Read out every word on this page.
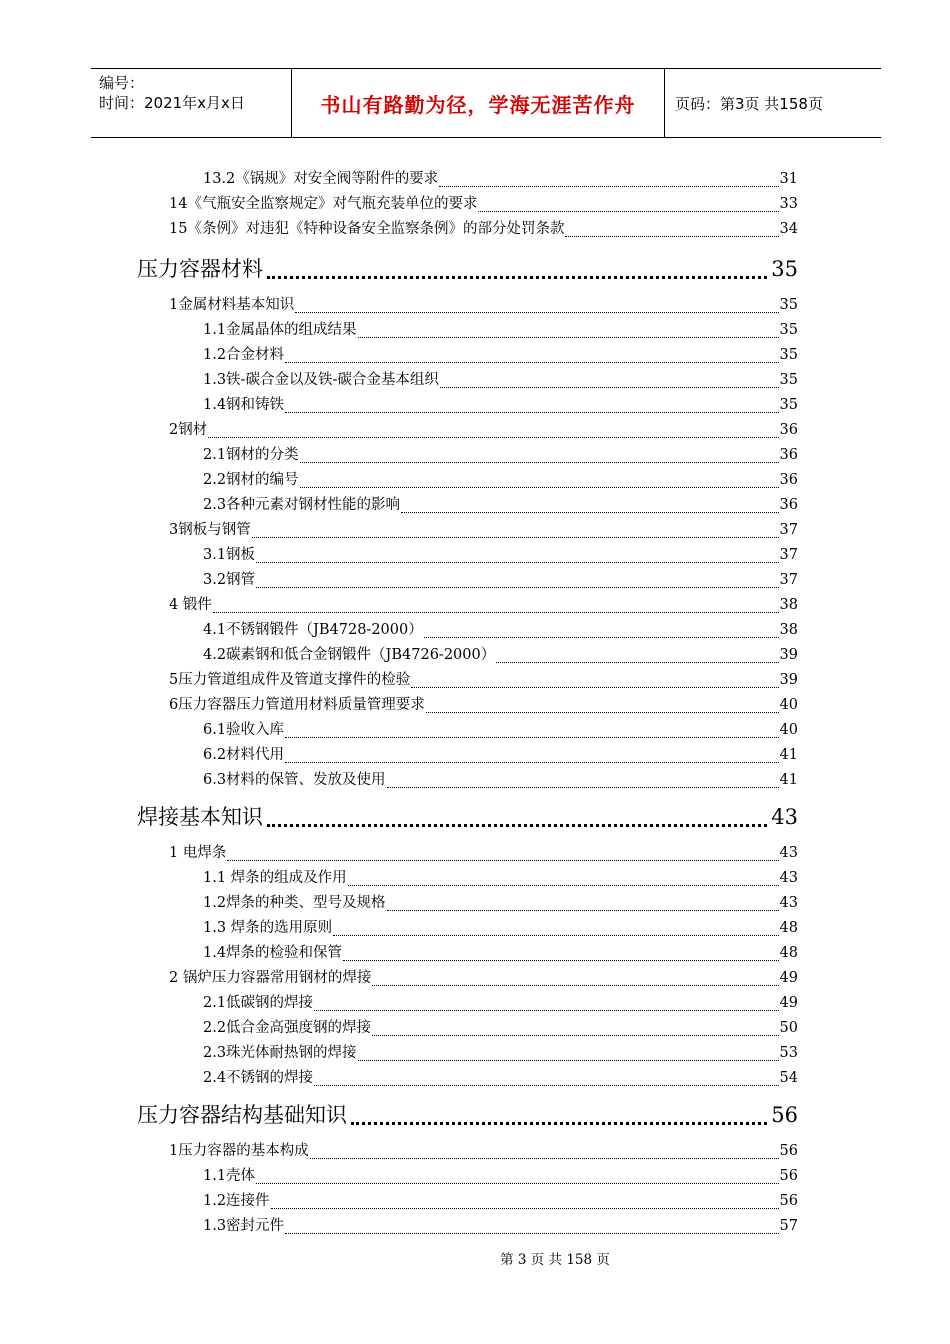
编号：
时间：2021年x月x日	书山有路勤为径，学海无涯苦作舟	页码：第3页 共158页
13.2《锅规》对安全阀等附件的要求	31
14《气瓶安全监察规定》对气瓶充装单位的要求	33
15《条例》对违犯《特种设备安全监察条例》的部分处罚条款	34
压力容器材料	35
1金属材料基本知识	35
1.1金属晶体的组成结果	35
1.2合金材料	35
1.3铁-碳合金以及铁-碳合金基本组织	35
1.4钢和铸铁	35
2钢材	36
2.1钢材的分类	36
2.2钢材的编号	36
2.3各种元素对钢材性能的影响	36
3钢板与钢管	37
3.1钢板	37
3.2钢管	37
4 锻件	38
4.1不锈钢锻件（JB4728-2000）	38
4.2碳素钢和低合金钢锻件（JB4726-2000）	39
5压力管道组成件及管道支撑件的检验	39
6压力容器压力管道用材料质量管理要求	40
6.1验收入库	40
6.2材料代用	41
6.3材料的保管、发放及使用	41
焊接基本知识	43
1 电焊条	43
1.1 焊条的组成及作用	43
1.2焊条的种类、型号及规格	43
1.3 焊条的选用原则	48
1.4焊条的检验和保管	48
2 锅炉压力容器常用钢材的焊接	49
2.1低碳钢的焊接	49
2.2低合金高强度钢的焊接	50
2.3珠光体耐热钢的焊接	53
2.4不锈钢的焊接	54
压力容器结构基础知识	56
1压力容器的基本构成	56
1.1壳体	56
1.2连接件	56
1.3密封元件	57
第 3 页 共 158 页
